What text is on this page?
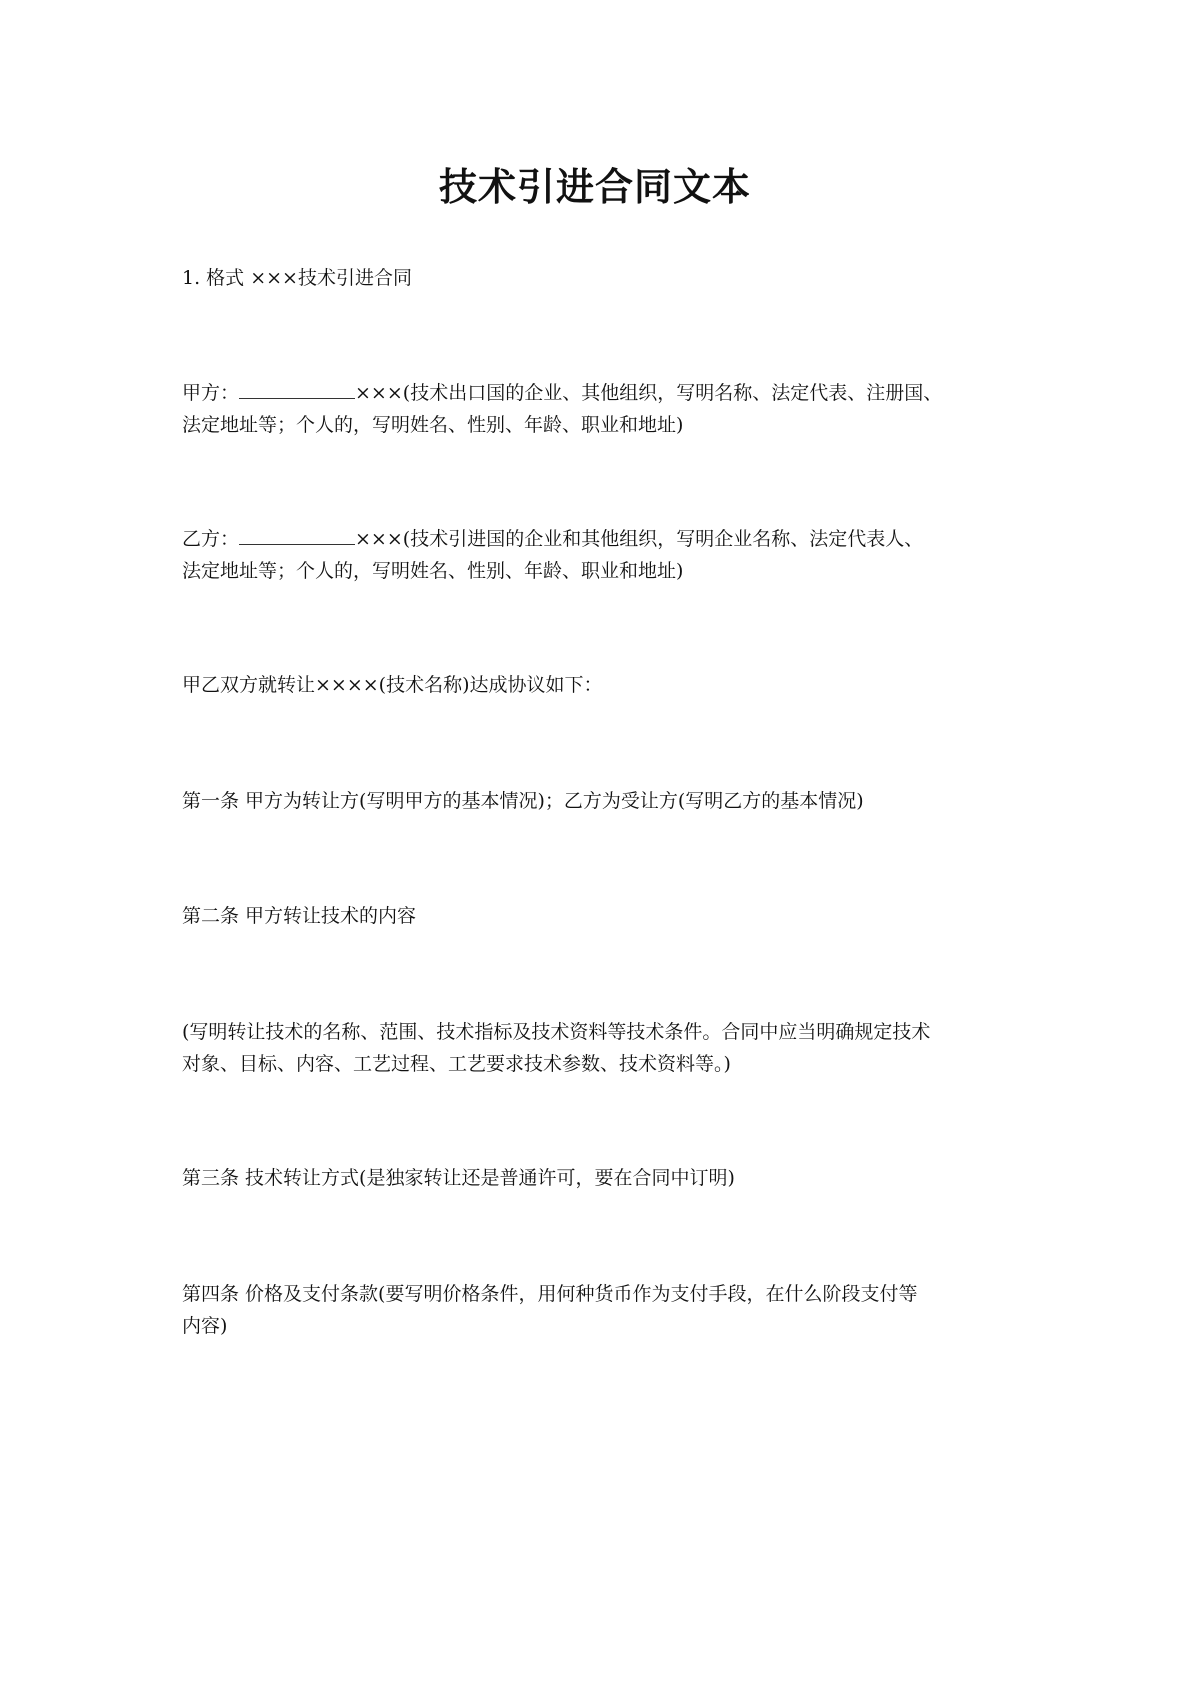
技术引进合同文本
1. 格式 ×××技术引进合同
甲方：	×××(技术出口国的企业、其他组织，写明名称、法定代表、注册国、
法定地址等；个人的，写明姓名、性别、年龄、职业和地址)
乙方：	×××(技术引进国的企业和其他组织，写明企业名称、法定代表人、
法定地址等；个人的，写明姓名、性别、年龄、职业和地址)
甲乙双方就转让××××(技术名称)达成协议如下：
第一条 甲方为转让方(写明甲方的基本情况)；乙方为受让方(写明乙方的基本情况)
第二条 甲方转让技术的内容
(写明转让技术的名称、范围、技术指标及技术资料等技术条件。合同中应当明确规定技术
对象、目标、内容、工艺过程、工艺要求技术参数、技术资料等。)
第三条 技术转让方式(是独家转让还是普通许可，要在合同中订明)
第四条 价格及支付条款(要写明价格条件，用何种货币作为支付手段，在什么阶段支付等
内容)
